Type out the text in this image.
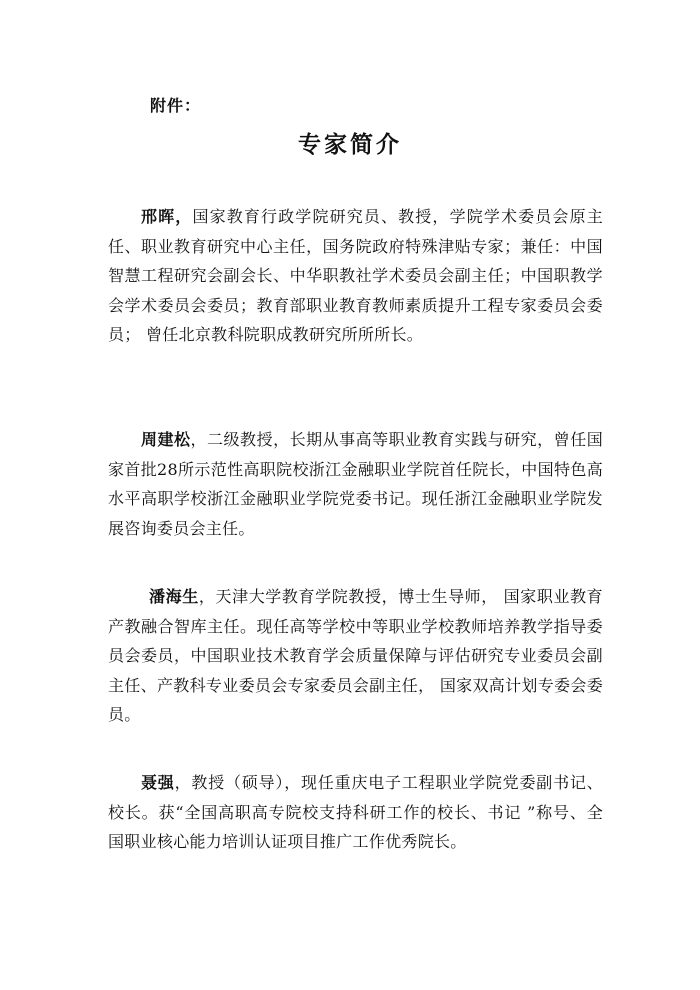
附件：
专家简介

邢晖，国家教育行政学院研究员、教授，学院学术委员会原主任、职业教育研究中心主任，国务院政府特殊津贴专家；兼任：中国智慧工程研究会副会长、中华职教社学术委员会副主任；中国职教学会学术委员会委员；教育部职业教育教师素质提升工程专家委员会委员； 曾任北京教科院职成教研究所所所长。

周建松，二级教授，长期从事高等职业教育实践与研究，曾任国家首批28所示范性高职院校浙江金融职业学院首任院长，中国特色高水平高职学校浙江金融职业学院党委书记。现任浙江金融职业学院发展咨询委员会主任。

潘海生，天津大学教育学院教授，博士生导师， 国家职业教育产教融合智库主任。现任高等学校中等职业学校教师培养教学指导委员会委员，中国职业技术教育学会质量保障与评估研究专业委员会副主任、产教科专业委员会专家委员会副主任， 国家双高计划专委会委员。

聂强，教授（硕导），现任重庆电子工程职业学院党委副书记、校长。获“全国高职高专院校支持科研工作的校长、书记 ”称号、全国职业核心能力培训认证项目推广工作优秀院长。
